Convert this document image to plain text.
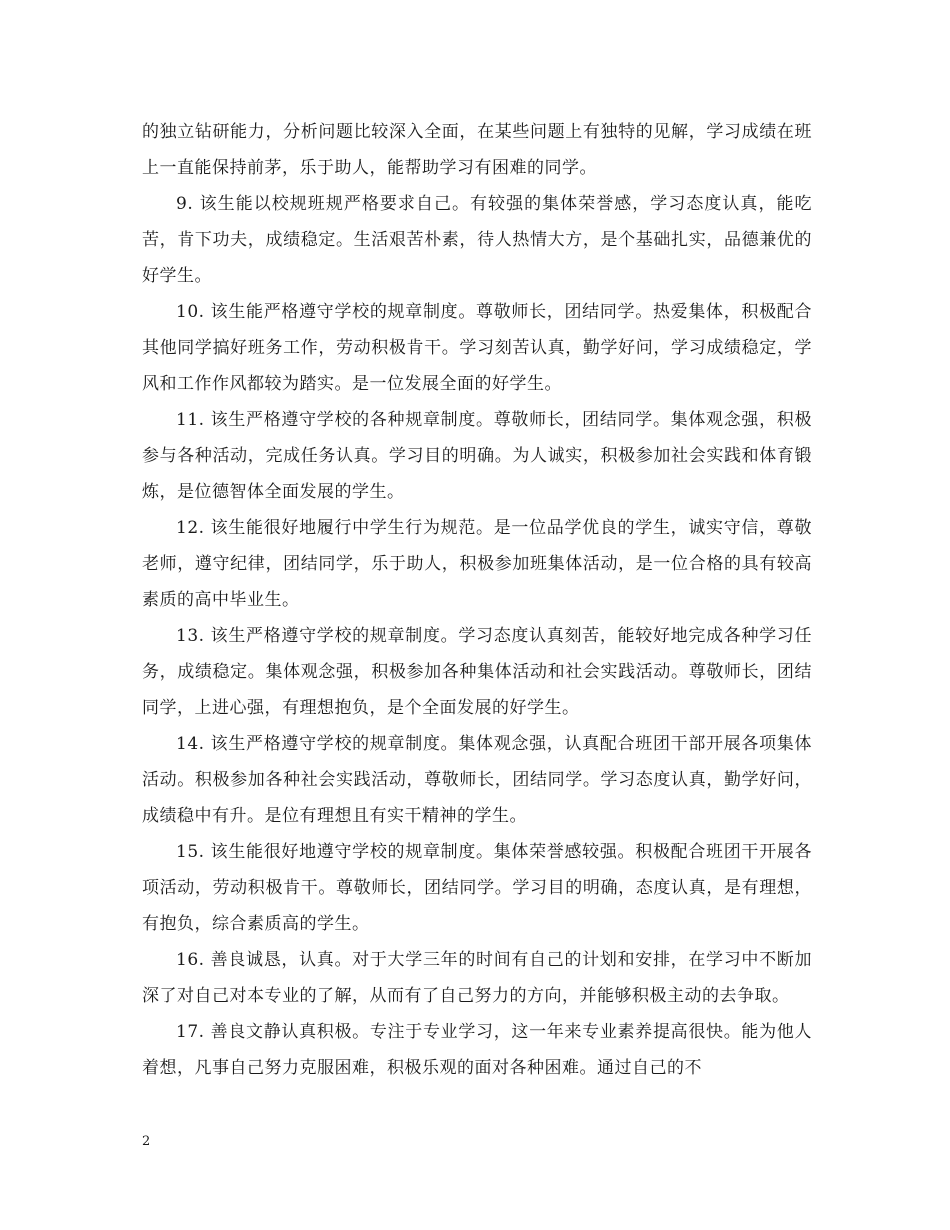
的独立钻研能力，分析问题比较深入全面，在某些问题上有独特的见解，学习成绩在班上一直能保持前茅，乐于助人，能帮助学习有困难的同学。

9. 该生能以校规班规严格要求自己。有较强的集体荣誉感，学习态度认真，能吃苦，肯下功夫，成绩稳定。生活艰苦朴素，待人热情大方，是个基础扎实，品德兼优的好学生。

10. 该生能严格遵守学校的规章制度。尊敬师长，团结同学。热爱集体，积极配合其他同学搞好班务工作，劳动积极肯干。学习刻苦认真，勤学好问，学习成绩稳定，学风和工作作风都较为踏实。是一位发展全面的好学生。

11. 该生严格遵守学校的各种规章制度。尊敬师长，团结同学。集体观念强，积极参与各种活动，完成任务认真。学习目的明确。为人诚实，积极参加社会实践和体育锻炼，是位德智体全面发展的学生。

12. 该生能很好地履行中学生行为规范。是一位品学优良的学生，诚实守信，尊敬老师，遵守纪律，团结同学，乐于助人，积极参加班集体活动，是一位合格的具有较高素质的高中毕业生。

13. 该生严格遵守学校的规章制度。学习态度认真刻苦，能较好地完成各种学习任务，成绩稳定。集体观念强，积极参加各种集体活动和社会实践活动。尊敬师长，团结同学，上进心强，有理想抱负，是个全面发展的好学生。

14. 该生严格遵守学校的规章制度。集体观念强，认真配合班团干部开展各项集体活动。积极参加各种社会实践活动，尊敬师长，团结同学。学习态度认真，勤学好问，成绩稳中有升。是位有理想且有实干精神的学生。

15. 该生能很好地遵守学校的规章制度。集体荣誉感较强。积极配合班团干开展各项活动，劳动积极肯干。尊敬师长，团结同学。学习目的明确，态度认真，是有理想，有抱负，综合素质高的学生。

16. 善良诚恳，认真。对于大学三年的时间有自己的计划和安排，在学习中不断加深了对自己对本专业的了解，从而有了自己努力的方向，并能够积极主动的去争取。

17. 善良文静认真积极。专注于专业学习，这一年来专业素养提高很快。能为他人着想，凡事自己努力克服困难，积极乐观的面对各种困难。通过自己的不

2
